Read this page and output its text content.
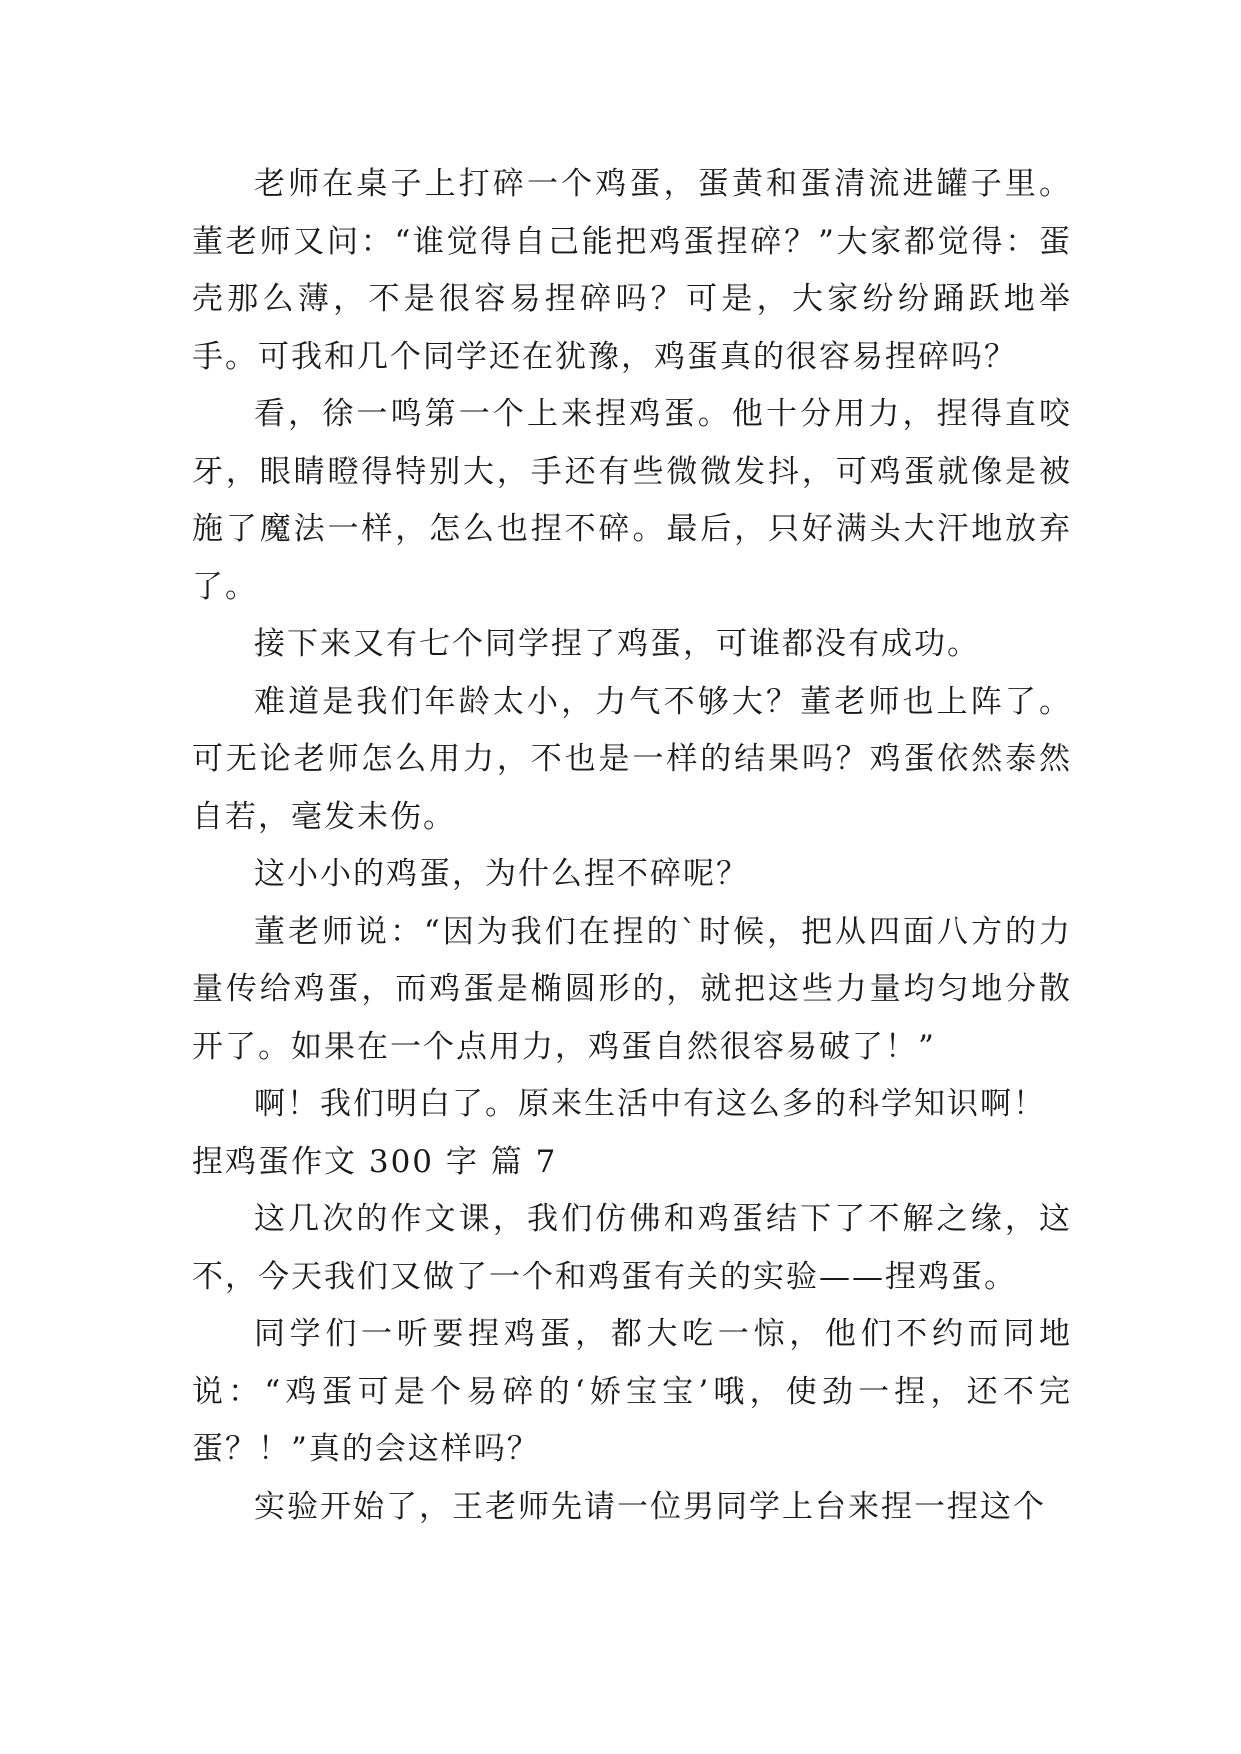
老师在桌子上打碎一个鸡蛋，蛋黄和蛋清流进罐子里。董老师又问：“谁觉得自己能把鸡蛋捏碎？”大家都觉得：蛋壳那么薄，不是很容易捏碎吗？可是，大家纷纷踊跃地举手。可我和几个同学还在犹豫，鸡蛋真的很容易捏碎吗？

看，徐一鸣第一个上来捏鸡蛋。他十分用力，捏得直咬牙，眼睛瞪得特别大，手还有些微微发抖，可鸡蛋就像是被施了魔法一样，怎么也捏不碎。最后，只好满头大汗地放弃了。

接下来又有七个同学捏了鸡蛋，可谁都没有成功。

难道是我们年龄太小，力气不够大？董老师也上阵了。可无论老师怎么用力，不也是一样的结果吗？鸡蛋依然泰然自若，毫发未伤。

这小小的鸡蛋，为什么捏不碎呢？

董老师说：“因为我们在捏的`时候，把从四面八方的力量传给鸡蛋，而鸡蛋是椭圆形的，就把这些力量均匀地分散开了。如果在一个点用力，鸡蛋自然很容易破了！”

啊！我们明白了。原来生活中有这么多的科学知识啊！

捏鸡蛋作文 300 字 篇 7

这几次的作文课，我们仿佛和鸡蛋结下了不解之缘，这不，今天我们又做了一个和鸡蛋有关的实验——捏鸡蛋。

同学们一听要捏鸡蛋，都大吃一惊，他们不约而同地说：“鸡蛋可是个易碎的‘娇宝宝’哦，使劲一捏，还不完蛋？！”真的会这样吗？

实验开始了，王老师先请一位男同学上台来捏一捏这个
